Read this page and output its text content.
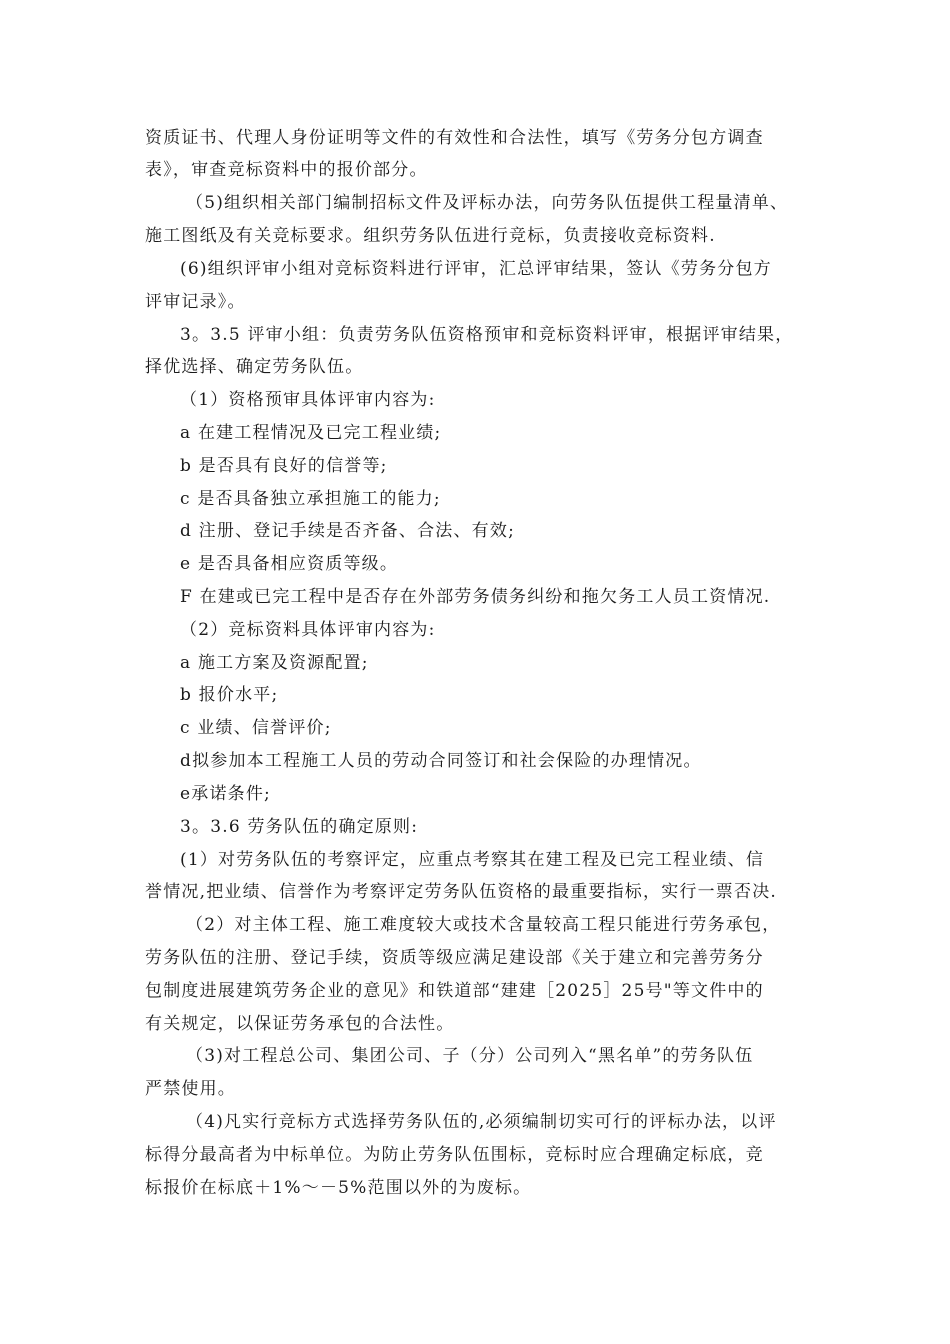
资质证书、代理人身份证明等文件的有效性和合法性，填写《劳务分包方调查
表》，审查竞标资料中的报价部分。
（5)组织相关部门编制招标文件及评标办法，向劳务队伍提供工程量清单、
施工图纸及有关竞标要求。组织劳务队伍进行竞标，负责接收竞标资料.
(6)组织评审小组对竞标资料进行评审，汇总评审结果，签认《劳务分包方
评审记录》。
3。3.5 评审小组：负责劳务队伍资格预审和竞标资料评审，根据评审结果，
择优选择、确定劳务队伍。
（1）资格预审具体评审内容为:
a 在建工程情况及已完工程业绩;
b 是否具有良好的信誉等;
c 是否具备独立承担施工的能力;
d 注册、登记手续是否齐备、合法、有效;
e 是否具备相应资质等级。
F 在建或已完工程中是否存在外部劳务债务纠纷和拖欠务工人员工资情况.
（2）竞标资料具体评审内容为:
a 施工方案及资源配置;
b 报价水平;
c 业绩、信誉评价;
d拟参加本工程施工人员的劳动合同签订和社会保险的办理情况。
e承诺条件;
3。3.6 劳务队伍的确定原则:
(1）对劳务队伍的考察评定，应重点考察其在建工程及已完工程业绩、信
誉情况,把业绩、信誉作为考察评定劳务队伍资格的最重要指标，实行一票否决.
（2）对主体工程、施工难度较大或技术含量较高工程只能进行劳务承包，
劳务队伍的注册、登记手续，资质等级应满足建设部《关于建立和完善劳务分
包制度进展建筑劳务企业的意见》和铁道部“建建［2025］25号"等文件中的
有关规定，以保证劳务承包的合法性。
（3)对工程总公司、集团公司、子（分）公司列入“黑名单”的劳务队伍
严禁使用。
（4)凡实行竞标方式选择劳务队伍的,必须编制切实可行的评标办法，以评
标得分最高者为中标单位。为防止劳务队伍围标，竞标时应合理确定标底，竞
标报价在标底＋1%～－5%范围以外的为废标。
